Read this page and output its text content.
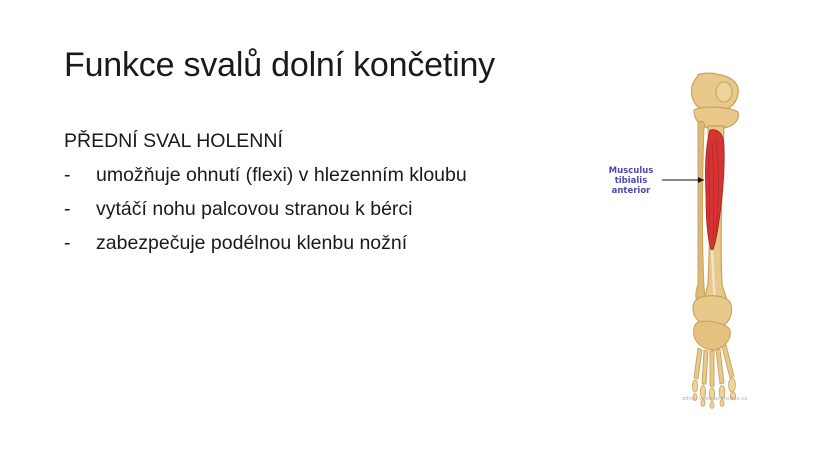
Funkce svalů dolní končetiny
PŘEDNÍ SVAL HOLENNÍ
- umožňuje ohnutí (flexi) v hlezenním kloubu
- vytáčí nohu palcovou stranou k bérci
- zabezpečuje podélnou klenbu nožní
Musculus
tibialis
anterior
zdroj: www.anatomie.cz
